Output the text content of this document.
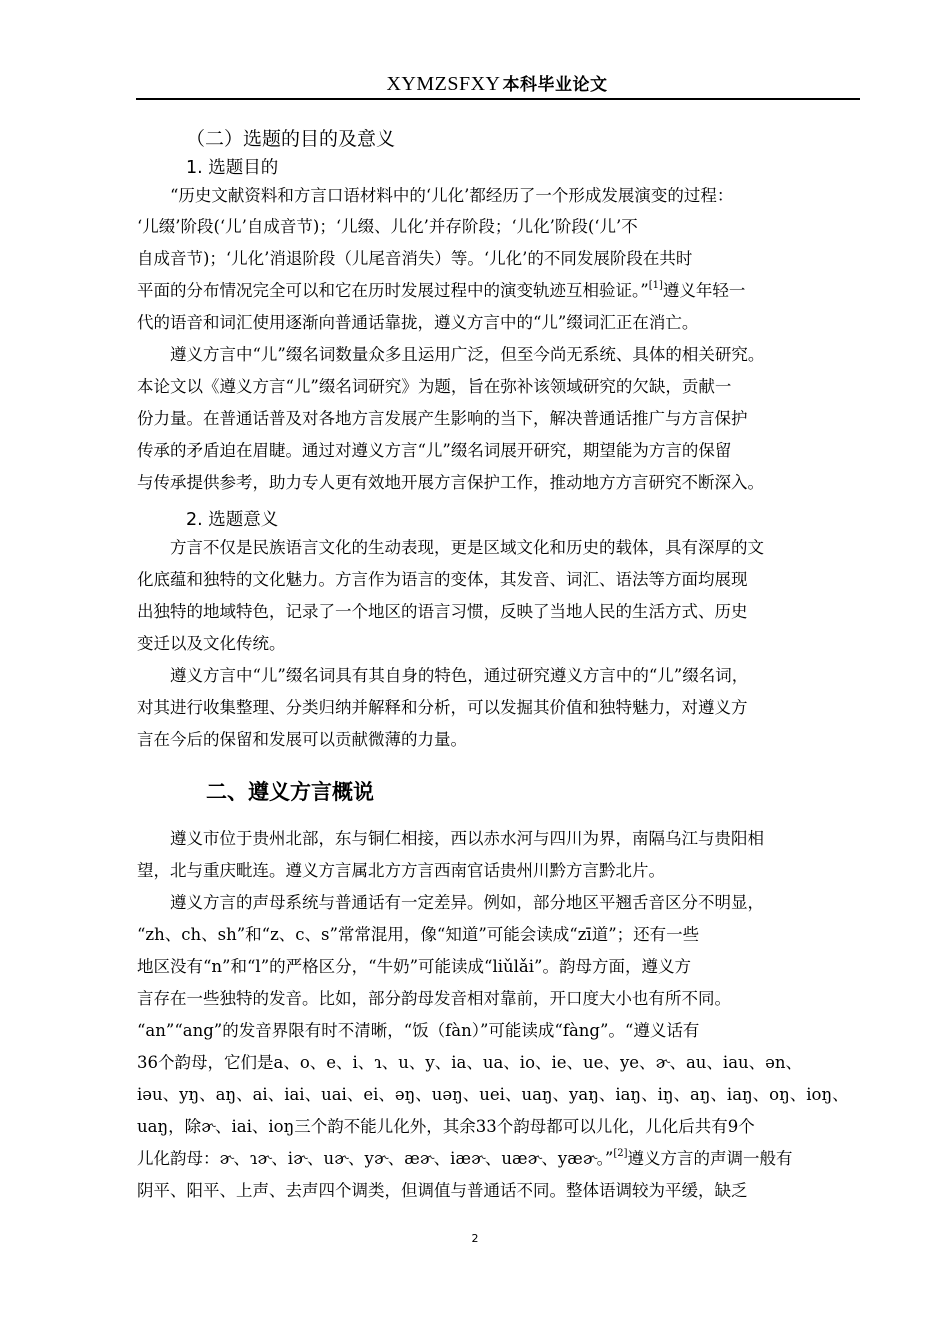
XYMZSFXY 本科毕业论文
（二）选题的目的及意义
1. 选题目的
“历史文献资料和方言口语材料中的‘儿化’都经历了一个形成发展演变的过程：
‘儿缀’阶段(‘儿’自成音节)；‘儿缀、儿化’并存阶段；‘儿化’阶段(‘儿’不
自成音节)；‘儿化’消退阶段（儿尾音消失）等。‘儿化’的不同发展阶段在共时
平面的分布情况完全可以和它在历时发展过程中的演变轨迹互相验证。”[1]遵义年轻一
代的语音和词汇使用逐渐向普通话靠拢，遵义方言中的“儿”缀词汇正在消亡。
遵义方言中“儿”缀名词数量众多且运用广泛，但至今尚无系统、具体的相关研究。
本论文以《遵义方言“儿”缀名词研究》为题，旨在弥补该领域研究的欠缺，贡献一
份力量。在普通话普及对各地方言发展产生影响的当下，解决普通话推广与方言保护
传承的矛盾迫在眉睫。通过对遵义方言“儿”缀名词展开研究，期望能为方言的保留
与传承提供参考，助力专人更有效地开展方言保护工作，推动地方方言研究不断深入。
2. 选题意义
方言不仅是民族语言文化的生动表现，更是区域文化和历史的载体，具有深厚的文
化底蕴和独特的文化魅力。方言作为语言的变体，其发音、词汇、语法等方面均展现
出独特的地域特色，记录了一个地区的语言习惯，反映了当地人民的生活方式、历史
变迁以及文化传统。
遵义方言中“儿”缀名词具有其自身的特色，通过研究遵义方言中的“儿”缀名词，
对其进行收集整理、分类归纳并解释和分析，可以发掘其价值和独特魅力，对遵义方
言在今后的保留和发展可以贡献微薄的力量。
二、遵义方言概说
遵义市位于贵州北部，东与铜仁相接，西以赤水河与四川为界，南隔乌江与贵阳相
望，北与重庆毗连。遵义方言属北方方言西南官话贵州川黔方言黔北片。
遵义方言的声母系统与普通话有一定差异。例如，部分地区平翘舌音区分不明显，
“zh、ch、sh”和“z、c、s”常常混用，像“知道”可能会读成“zī道”；还有一些
地区没有“n”和“l”的严格区分，“牛奶”可能读成“liǔlǎi”。韵母方面，遵义方
言存在一些独特的发音。比如，部分韵母发音相对靠前，开口度大小也有所不同。
“an”“ang”的发音界限有时不清晰，“饭（fàn）”可能读成“fàng”。“遵义话有
36个韵母，它们是a、o、e、i、ɿ、u、y、ia、ua、io、ie、ue、ye、ɚ、au、iau、ən、
iəu、yŋ、aŋ、ai、iai、uai、ei、əŋ、uəŋ、uei、uaŋ、yaŋ、iaŋ、iŋ、aŋ、iaŋ、oŋ、ioŋ、
uaŋ，除ɚ、iai、ioŋ三个韵不能儿化外，其余33个韵母都可以儿化，儿化后共有9个
儿化韵母：ɚ、ɿɚ、iɚ、uɚ、yɚ、æɚ、iæɚ、uæɚ、yæɚ。”[2]遵义方言的声调一般有
阴平、阳平、上声、去声四个调类，但调值与普通话不同。整体语调较为平缓，缺乏
2
